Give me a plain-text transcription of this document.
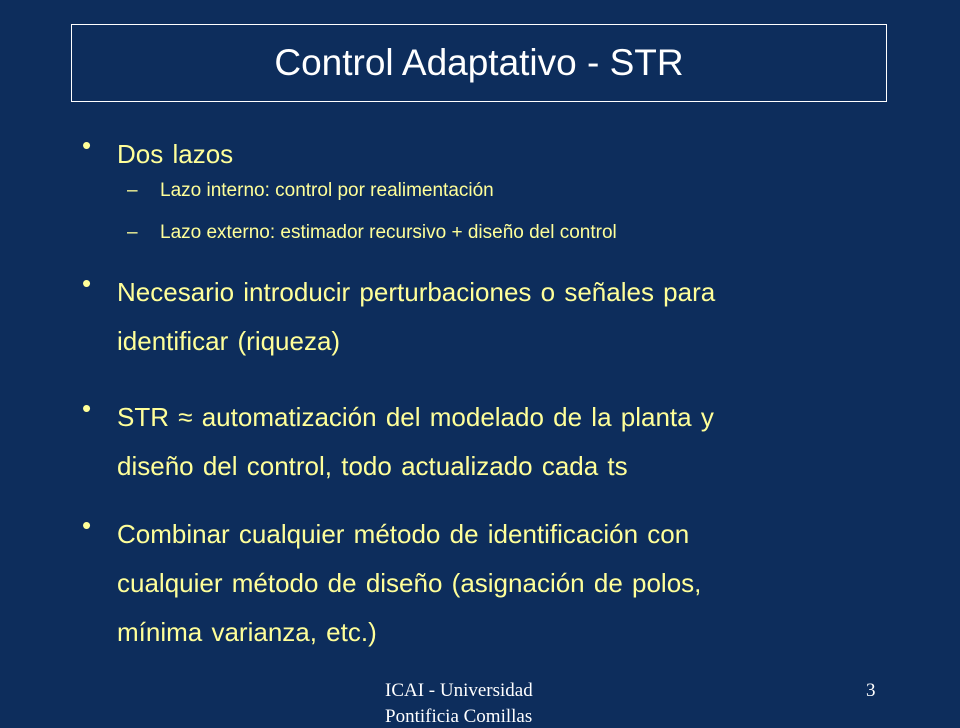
Control Adaptativo - STR
• Dos lazos
–	Lazo interno: control por realimentación
–	Lazo externo: estimador recursivo + diseño del control
• Necesario introducir perturbaciones o señales para
identificar (riqueza)
• STR ≈ automatización del modelado de la planta y
diseño del control, todo actualizado cada ts
• Combinar cualquier método de identificación con
cualquier método de diseño (asignación de polos,
mínima varianza, etc.)
ICAI - Universidad
Pontificia Comillas
3
